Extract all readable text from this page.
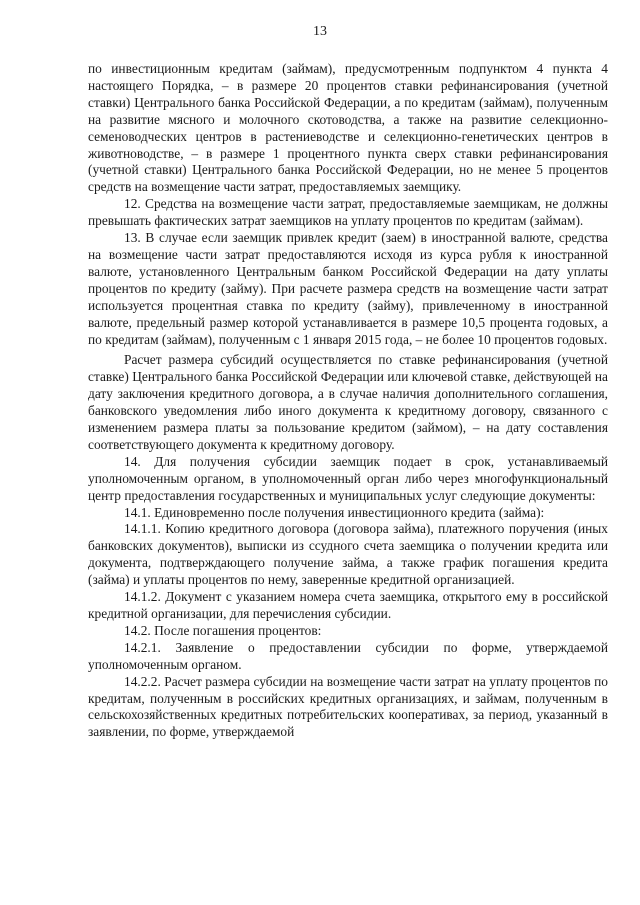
13

по инвестиционным кредитам (займам), предусмотренным подпунктом 4 пункта 4 настоящего Порядка, – в размере 20 процентов ставки рефинансирования (учетной ставки) Центрального банка Российской Федерации, а по кредитам (займам), полученным на развитие мясного и молочного скотоводства, а также на развитие селекционно-семеноводческих центров в растениеводстве и селекционно-генетических центров в животноводстве, – в размере 1 процентного пункта сверх ставки рефинансирования (учетной ставки) Центрального банка Российской Федерации, но не менее 5 процентов средств на возмещение части затрат, предоставляемых заемщику.

12. Средства на возмещение части затрат, предоставляемые заемщикам, не должны превышать фактических затрат заемщиков на уплату процентов по кредитам (займам).

13. В случае если заемщик привлек кредит (заем) в иностранной валюте, средства на возмещение части затрат предоставляются исходя из курса рубля к иностранной валюте, установленного Центральным банком Российской Федерации на дату уплаты процентов по кредиту (займу). При расчете размера средств на возмещение части затрат используется процентная ставка по кредиту (займу), привлеченному в иностранной валюте, предельный размер которой устанавливается в размере 10,5 процента годовых, а по кредитам (займам), полученным с 1 января 2015 года, – не более 10 процентов годовых.

Расчет размера субсидий осуществляется по ставке рефинансирования (учетной ставке) Центрального банка Российской Федерации или ключевой ставке, действующей на дату заключения кредитного договора, а в случае наличия дополнительного соглашения, банковского уведомления либо иного документа к кредитному договору, связанного с изменением размера платы за пользование кредитом (займом), – на дату составления соответствующего документа к кредитному договору.

14. Для получения субсидии заемщик подает в срок, устанавливаемый уполномоченным органом, в уполномоченный орган либо через многофункциональный центр предоставления государственных и муниципальных услуг следующие документы:

14.1. Единовременно после получения инвестиционного кредита (займа):

14.1.1. Копию кредитного договора (договора займа), платежного поручения (иных банковских документов), выписки из ссудного счета заемщика о получении кредита или документа, подтверждающего получение займа, а также график погашения кредита (займа) и уплаты процентов по нему, заверенные кредитной организацией.

14.1.2. Документ с указанием номера счета заемщика, открытого ему в российской кредитной организации, для перечисления субсидии.

14.2. После погашения процентов:

14.2.1. Заявление о предоставлении субсидии по форме, утверждаемой уполномоченным органом.

14.2.2. Расчет размера субсидии на возмещение части затрат на уплату процентов по кредитам, полученным в российских кредитных организациях, и займам, полученным в сельскохозяйственных кредитных потребительских кооперативах, за период, указанный в заявлении, по форме, утверждаемой
